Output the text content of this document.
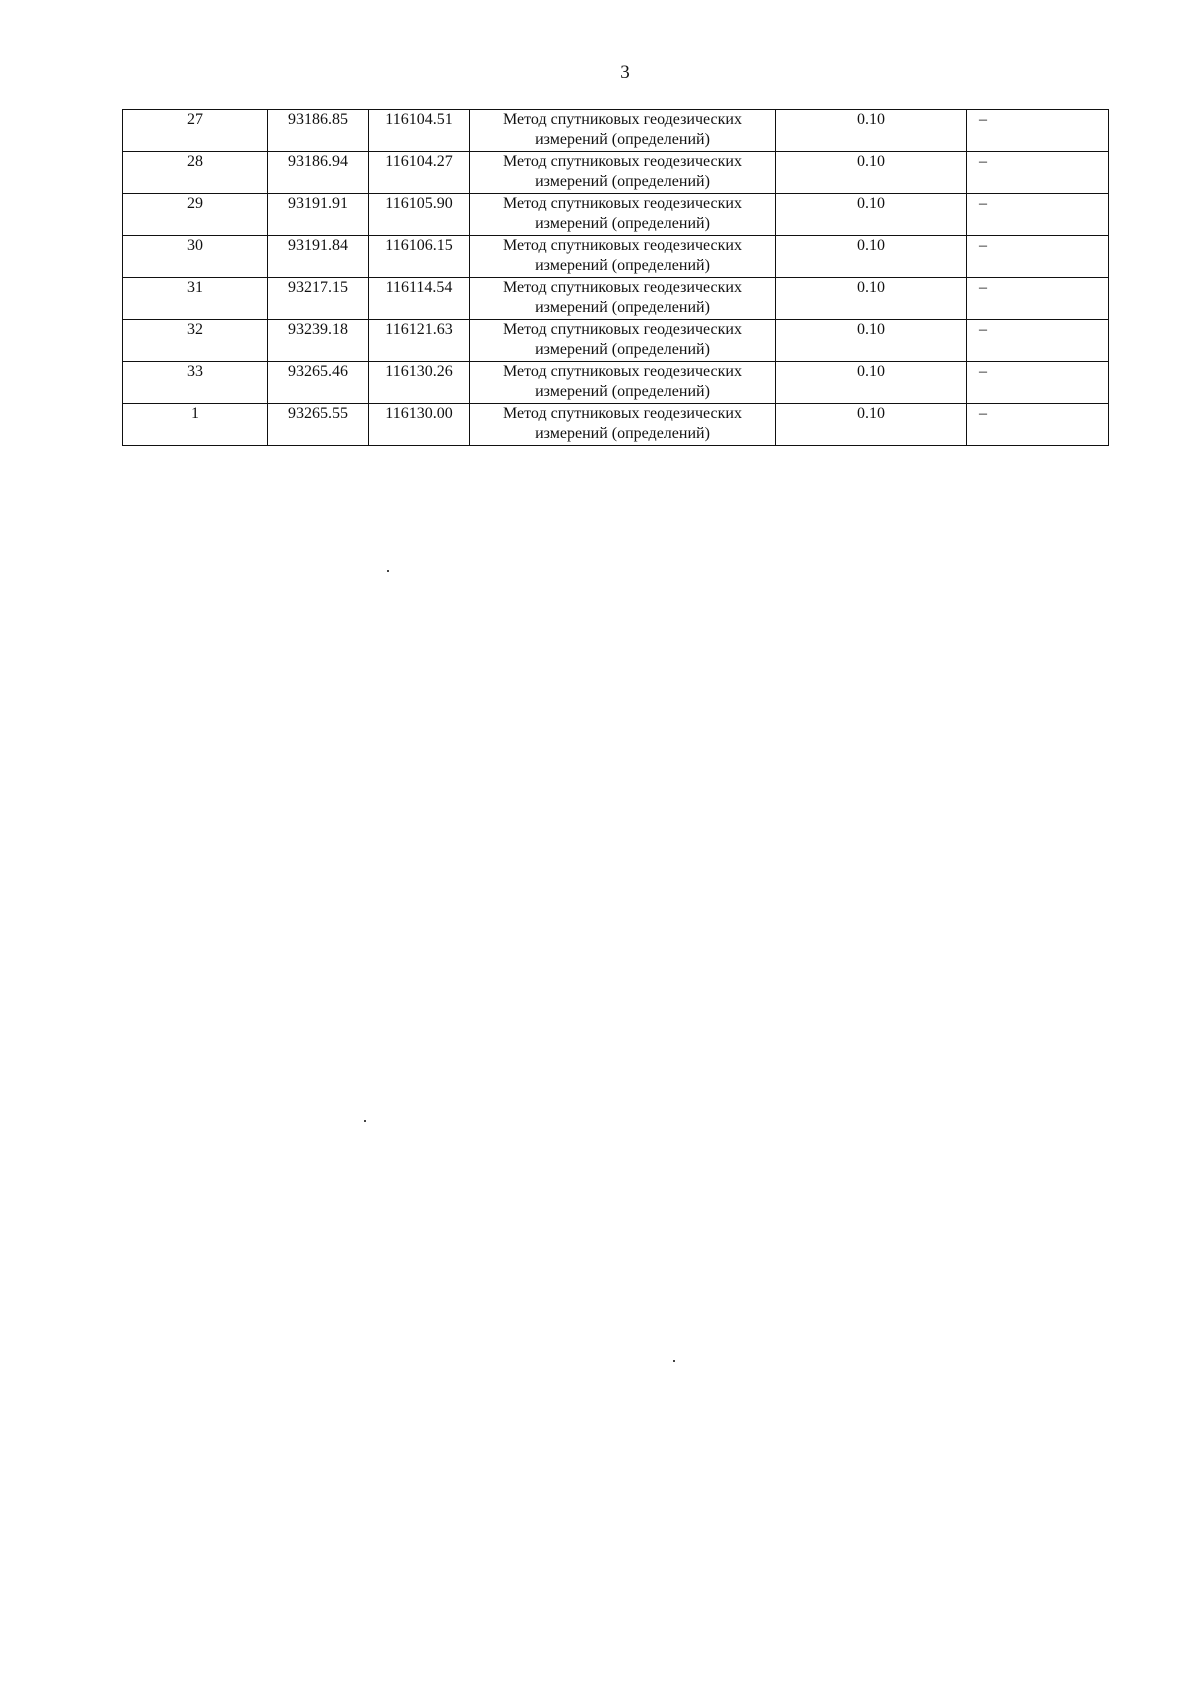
3
27	93186.85	116104.51	Метод спутниковых геодезических
измерений (определений)	0.10	–
28	93186.94	116104.27	Метод спутниковых геодезических
измерений (определений)	0.10	–
29	93191.91	116105.90	Метод спутниковых геодезических
измерений (определений)	0.10	–
30	93191.84	116106.15	Метод спутниковых геодезических
измерений (определений)	0.10	–
31	93217.15	116114.54	Метод спутниковых геодезических
измерений (определений)	0.10	–
32	93239.18	116121.63	Метод спутниковых геодезических
измерений (определений)	0.10	–
33	93265.46	116130.26	Метод спутниковых геодезических
измерений (определений)	0.10	–
1	93265.55	116130.00	Метод спутниковых геодезических
измерений (определений)	0.10	–
